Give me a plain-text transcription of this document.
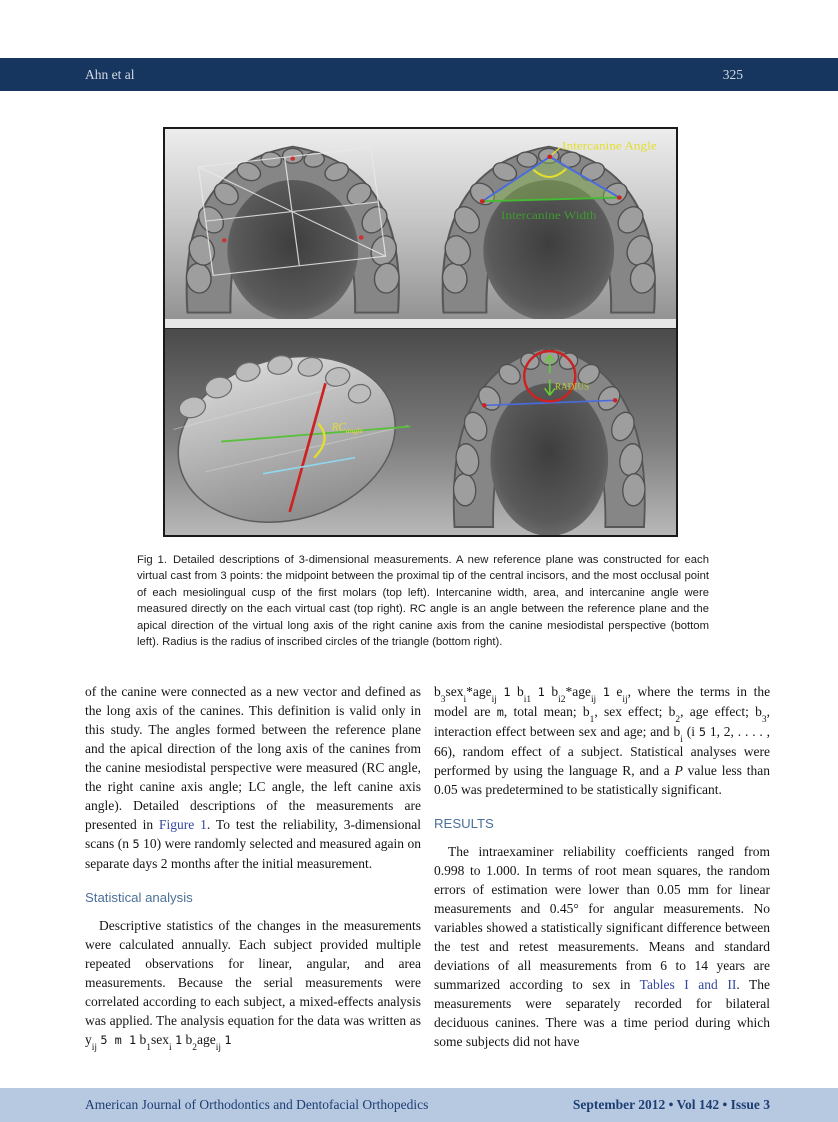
Ahn et al	325
Intercanine Angle
Intercanine Width
$RC_{angle}$
RADIUS
Fig 1. Detailed descriptions of 3-dimensional measurements. A new reference plane was constructed for each virtual cast from 3 points: the midpoint between the proximal tip of the central incisors, and the most occlusal point of each mesiolingual cusp of the first molars (top left). Intercanine width, area, and intercanine angle were measured directly on the each virtual cast (top right). RC angle is an angle between the reference plane and the apical direction of the virtual long axis of the right canine axis from the canine mesiodistal perspective (bottom left). Radius is the radius of inscribed circles of the triangle (bottom right).

of the canine were connected as a new vector and defined as the long axis of the canines. This definition is valid only in this study. The angles formed between the reference plane and the apical direction of the long axis of the canines from the canine mesiodistal perspective were measured (RC angle, the right canine axis angle; LC angle, the left canine axis angle). Detailed descriptions of the measurements are presented in Figure 1. To test the reliability, 3-dimensional scans (n 5 10) were randomly selected and measured again on separate days 2 months after the initial measurement.

Statistical analysis

Descriptive statistics of the changes in the measurements were calculated annually. Each subject provided multiple repeated observations for linear, angular, and area measurements. Because the serial measurements were correlated according to each subject, a mixed-effects analysis was applied. The analysis equation for the data was written as $y_{ij}$ 5 m 1 $b_1sex_i$ 1 $b_2age_{ij}$ 1

$b_3sex_i*age_{ij}$ 1 $b_{i1}$ 1 $b_{i2}*age_{ij}$ 1 $e_{ij}$, where the terms in the model are m, total mean; $b_1$, sex effect; $b_2$, age effect; $b_3$, interaction effect between sex and age; and $b_i$ (i 5 1, 2, . . . . , 66), random effect of a subject. Statistical analyses were performed by using the language R, and a P value less than 0.05 was predetermined to be statistically significant.

RESULTS

The intraexaminer reliability coefficients ranged from 0.998 to 1.000. In terms of root mean squares, the random errors of estimation were lower than 0.05 mm for linear measurements and 0.45° for angular measurements. No variables showed a statistically significant difference between the test and retest measurements. Means and standard deviations of all measurements from 6 to 14 years are summarized according to sex in Tables I and II. The measurements were separately recorded for bilateral deciduous canines. There was a time period during which some subjects did not have

American Journal of Orthodontics and Dentofacial Orthopedics	September 2012 • Vol 142 • Issue 3
